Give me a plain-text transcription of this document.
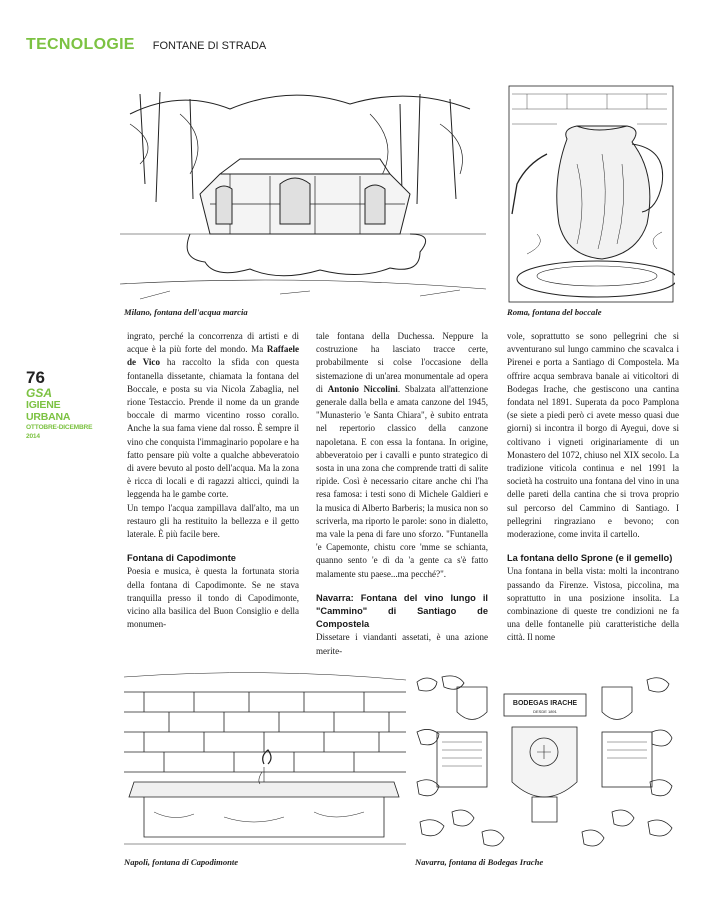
TECNOLOGIE FONTANE DI STRADA
Milano, fontana dell'acqua marcia	Roma, fontana del boccale
76
GSA
IGIENE URBANA
OTTOBRE-DICEMBRE 2014

ingrato, perché la concorrenza di artisti e di acque è la più forte del mondo. Ma Raffaele de Vico ha raccolto la sfida con questa fontanella dissetante, chiamata la fontana del Boccale, e posta su via Nicola Zabaglia, nel rione Testaccio. Prende il nome da un grande boccale di marmo vicentino rosso corallo. Anche la sua fama viene dal rosso. È sempre il vino che conquista l'immaginario popolare e ha fatto pensare più volte a qualche abbeveratoio di avere bevuto al posto dell'acqua. Ma la zona è ricca di locali e di ragazzi alticci, quindi la leggenda ha le gambe corte.

Un tempo l'acqua zampillava dall'alto, ma un restauro gli ha restituito la bellezza e il getto laterale. È più facile bere.

Fontana di Capodimonte

Poesia e musica, è questa la fortunata storia della fontana di Capodimonte. Se ne stava tranquilla presso il tondo di Capodimonte, vicino alla basilica del Buon Consiglio e della monumen-

tale fontana della Duchessa. Neppure la costruzione ha lasciato tracce certe, probabilmente si colse l'occasione della sistemazione di un'area monumentale ad opera di Antonio Niccolini. Sbalzata all'attenzione generale dalla bella e amata canzone del 1945, "Munasterio 'e Santa Chiara", è subito entrata nel repertorio classico della canzone napoletana. E con essa la fontana. In origine, abbeveratoio per i cavalli e punto strategico di sosta in una zona che comprende tratti di salite ripide. Così è necessario citare anche chi l'ha resa famosa: i testi sono di Michele Galdieri e la musica di Alberto Barberis; la musica non so scriverla, ma riporto le parole: sono in dialetto, ma vale la pena di fare uno sforzo. "Funtanella 'e Capemonte, chistu core 'mme se schianta, quanno sento 'e dì da 'a gente ca s'è fatto malamente stu paese...ma pecché?".

Navarra: Fontana del vino lungo il "Cammino" di Santiago de Compostela

Dissetare i viandanti assetati, è una azione merite-

vole, soprattutto se sono pellegrini che si avventurano sul lungo cammino che scavalca i Pirenei e porta a Santiago di Compostela. Ma offrire acqua sembrava banale ai viticoltori di Bodegas Irache, che gestiscono una cantina fondata nel 1891. Superata da poco Pamplona (se siete a piedi però ci avete messo quasi due giorni) si incontra il borgo di Ayegui, dove si coltivano i vigneti originariamente di un Monastero del 1072, chiuso nel XIX secolo. La tradizione viticola continua e nel 1991 la società ha costruito una fontana del vino in una delle pareti della cantina che si trova proprio sul percorso del Cammino di Santiago. I pellegrini ringraziano e bevono; con moderazione, come invita il cartello.

La fontana dello Sprone (e il gemello)

Una fontana in bella vista: molti la incontrano passando da Firenze. Vistosa, piccolina, ma soprattutto in una posizione insolita. La combinazione di queste tre condizioni ne fa una delle fontanelle più caratteristiche della città. Il nome

BODEGAS IRACHE
DESDE 1891
Napoli, fontana di Capodimonte	Navarra, fontana di Bodegas Irache
